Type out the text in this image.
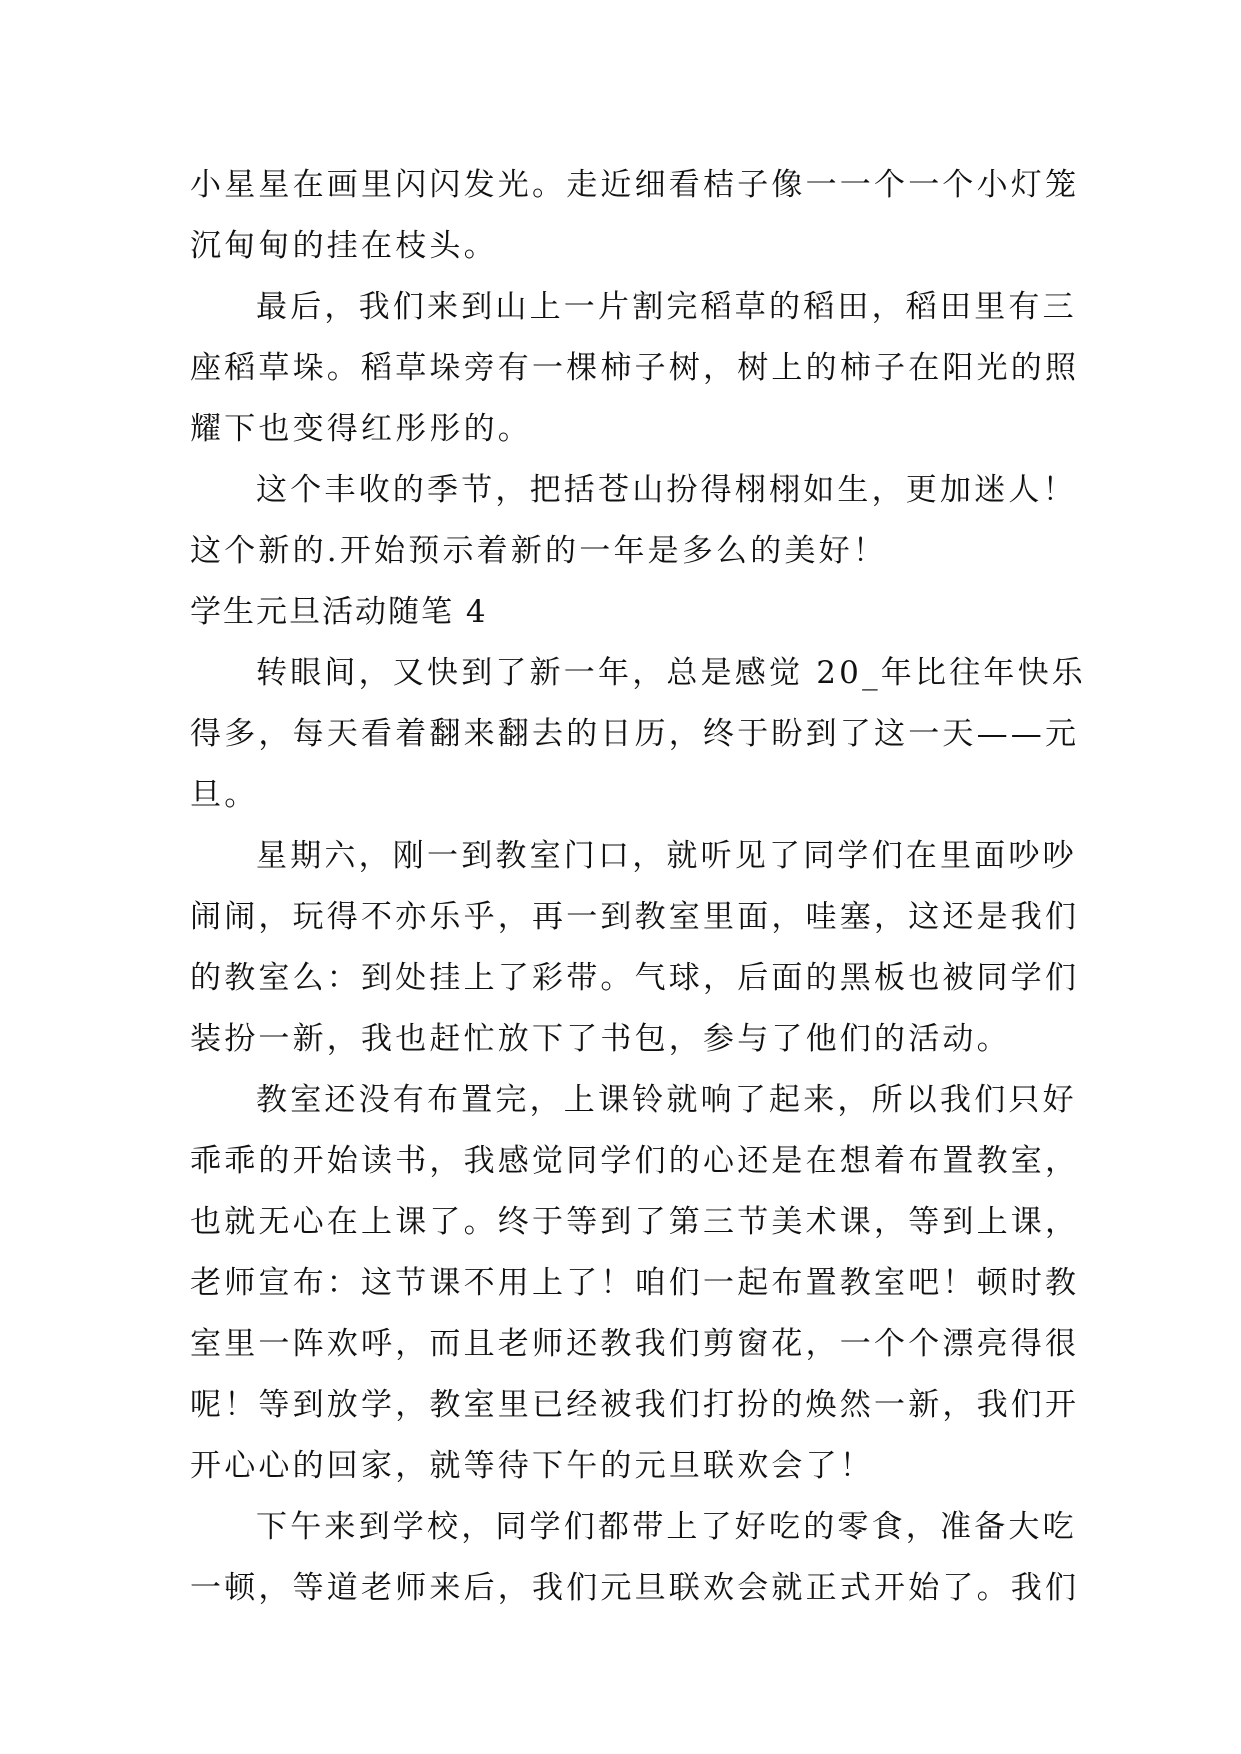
小星星在画里闪闪发光。走近细看桔子像一一个一个小灯笼
沉甸甸的挂在枝头。
最后，我们来到山上一片割完稻草的稻田，稻田里有三
座稻草垛。稻草垛旁有一棵柿子树，树上的柿子在阳光的照
耀下也变得红彤彤的。
这个丰收的季节，把括苍山扮得栩栩如生，更加迷人！
这个新的.开始预示着新的一年是多么的美好！
学生元旦活动随笔 4
转眼间，又快到了新一年，总是感觉 20_年比往年快乐
得多，每天看着翻来翻去的日历，终于盼到了这一天——元
旦。
星期六，刚一到教室门口，就听见了同学们在里面吵吵
闹闹，玩得不亦乐乎，再一到教室里面，哇塞，这还是我们
的教室么：到处挂上了彩带。气球，后面的黑板也被同学们
装扮一新，我也赶忙放下了书包，参与了他们的活动。
教室还没有布置完，上课铃就响了起来，所以我们只好
乖乖的开始读书，我感觉同学们的心还是在想着布置教室，
也就无心在上课了。终于等到了第三节美术课，等到上课，
老师宣布：这节课不用上了！咱们一起布置教室吧！顿时教
室里一阵欢呼，而且老师还教我们剪窗花，一个个漂亮得很
呢！等到放学，教室里已经被我们打扮的焕然一新，我们开
开心心的回家，就等待下午的元旦联欢会了！
下午来到学校，同学们都带上了好吃的零食，准备大吃
一顿，等道老师来后，我们元旦联欢会就正式开始了。我们
